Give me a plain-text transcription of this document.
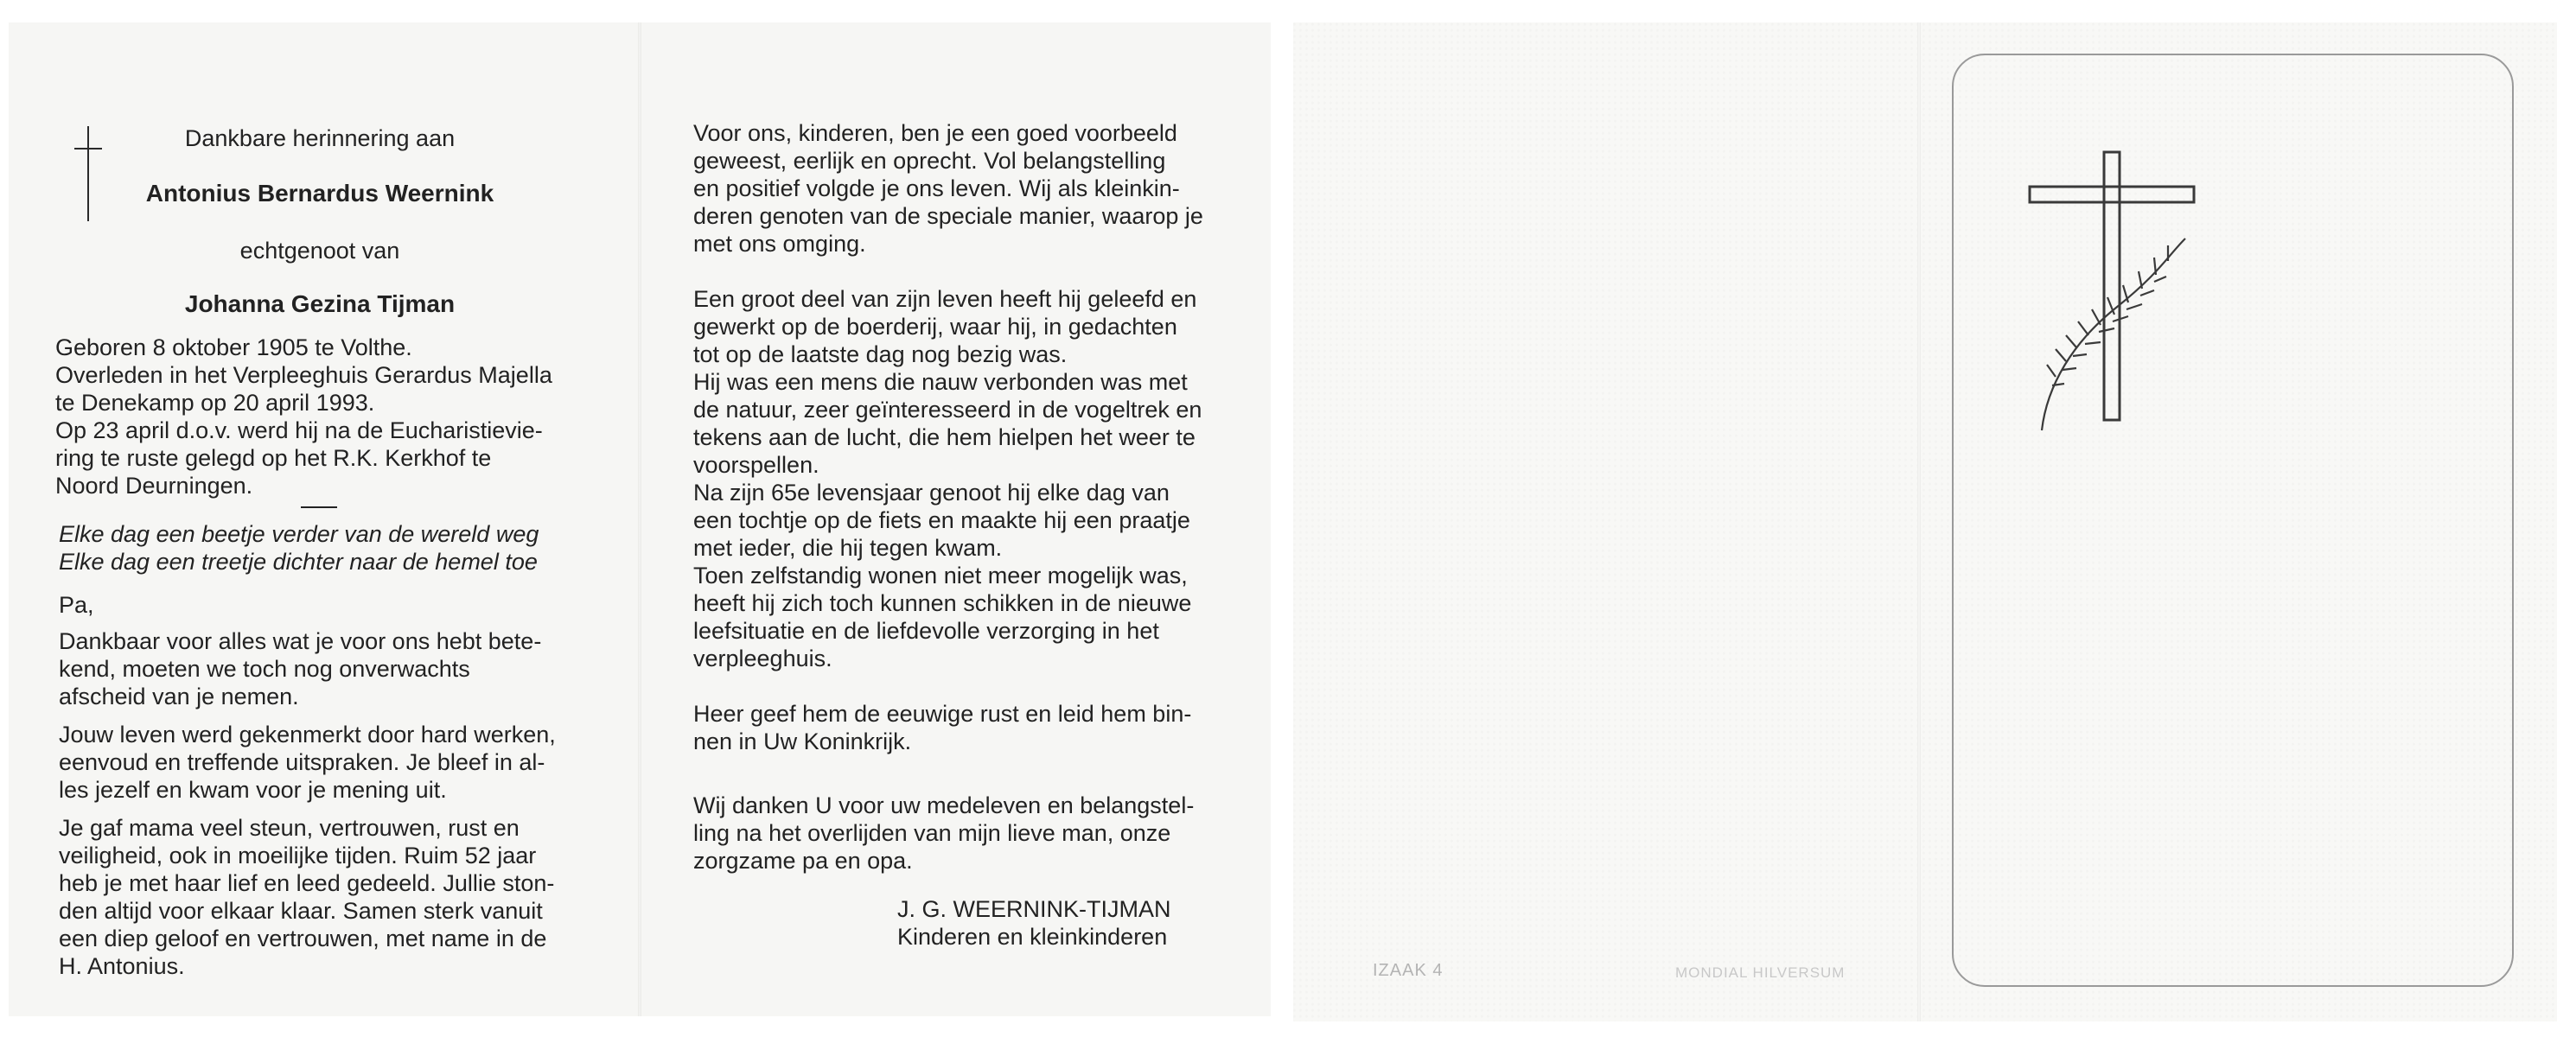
Dankbare herinnering aan

Antonius Bernardus Weernink

echtgenoot van

Johanna Gezina Tijman

Geboren 8 oktober 1905 te Volthe.

Overleden in het Verpleeghuis Gerardus Majella

te Denekamp op 20 april 1993.

Op 23 april d.o.v. werd hij na de Eucharistievie-

ring te ruste gelegd op het R.K. Kerkhof te

Noord Deurningen.

Elke dag een beetje verder van de wereld weg

Elke dag een treetje dichter naar de hemel toe

Pa,

Dankbaar voor alles wat je voor ons hebt bete-

kend, moeten we toch nog onverwachts

afscheid van je nemen.

Jouw leven werd gekenmerkt door hard werken,

eenvoud en treffende uitspraken. Je bleef in al-

les jezelf en kwam voor je mening uit.

Je gaf mama veel steun, vertrouwen, rust en

veiligheid, ook in moeilijke tijden. Ruim 52 jaar

heb je met haar lief en leed gedeeld. Jullie ston-

den altijd voor elkaar klaar. Samen sterk vanuit

een diep geloof en vertrouwen, met name in de

H. Antonius.

Voor ons, kinderen, ben je een goed voorbeeld

geweest, eerlijk en oprecht. Vol belangstelling

en positief volgde je ons leven. Wij als kleinkin-

deren genoten van de speciale manier, waarop je

met ons omging.

Een groot deel van zijn leven heeft hij geleefd en

gewerkt op de boerderij, waar hij, in gedachten

tot op de laatste dag nog bezig was.

Hij was een mens die nauw verbonden was met

de natuur, zeer geïnteresseerd in de vogeltrek en

tekens aan de lucht, die hem hielpen het weer te

voorspellen.

Na zijn 65e levensjaar genoot hij elke dag van

een tochtje op de fiets en maakte hij een praatje

met ieder, die hij tegen kwam.

Toen zelfstandig wonen niet meer mogelijk was,

heeft hij zich toch kunnen schikken in de nieuwe

leefsituatie en de liefdevolle verzorging in het

verpleeghuis.

Heer geef hem de eeuwige rust en leid hem bin-

nen in Uw Koninkrijk.

Wij danken U voor uw medeleven en belangstel-

ling na het overlijden van mijn lieve man, onze

zorgzame pa en opa.

J. G. WEERNINK-TIJMAN

Kinderen en kleinkinderen

IZAAK 4	MONDIAL HILVERSUM
